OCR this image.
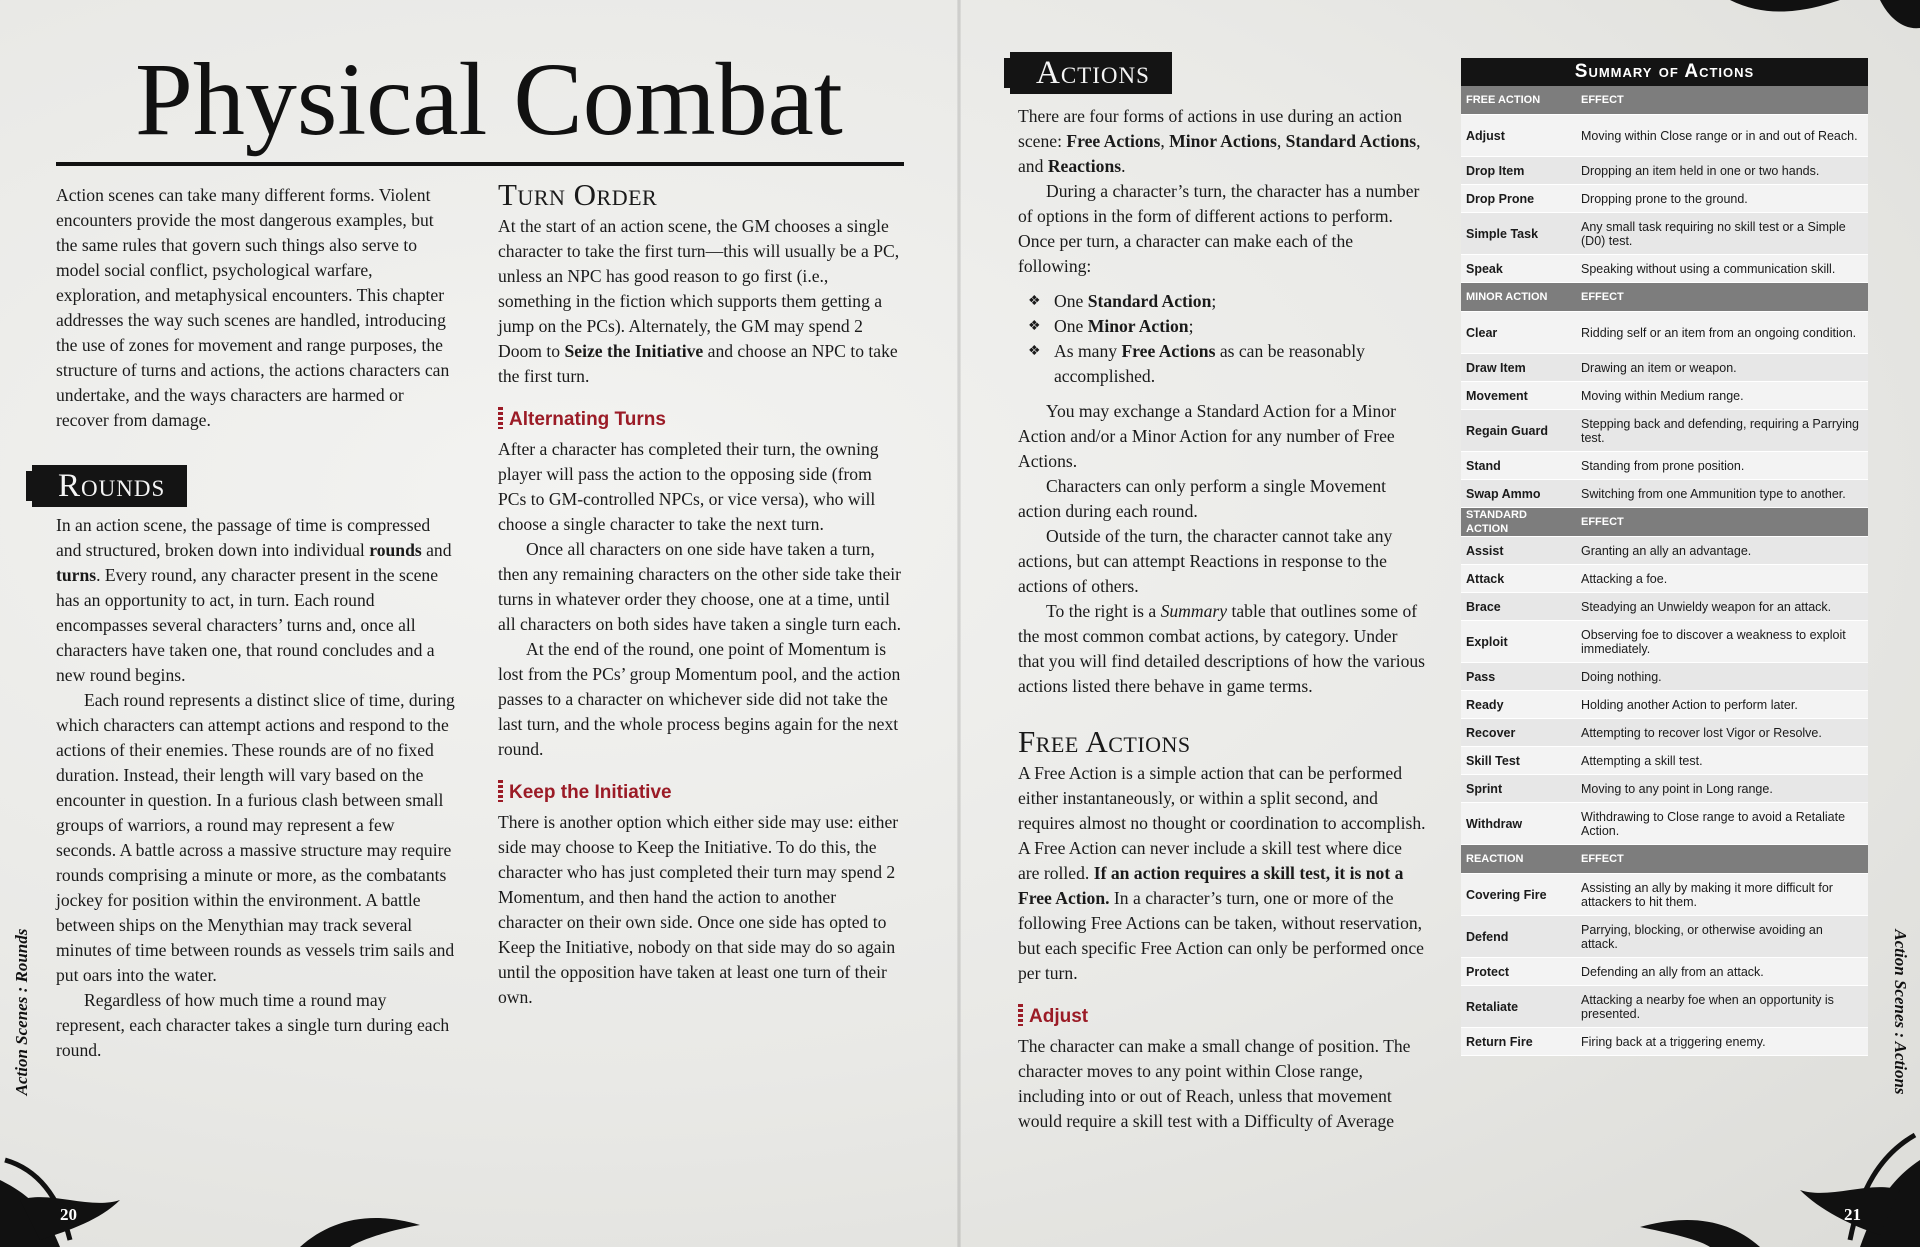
Physical Combat

Action scenes can take many different forms. Violent encounters provide the most dangerous examples, but the same rules that govern such things also serve to model social conflict, psychological warfare, exploration, and metaphysical encounters. This chapter addresses the way such scenes are handled, introducing the use of zones for movement and range purposes, the structure of turns and actions, the actions characters can undertake, and the ways characters are harmed or recover from damage.

Rounds

In an action scene, the passage of time is compressed and structured, broken down into individual rounds and turns. Every round, any character present in the scene has an opportunity to act, in turn. Each round encompasses several characters’ turns and, once all characters have taken one, that round concludes and a new round begins.

Each round represents a distinct slice of time, during which characters can attempt actions and respond to the actions of their enemies. These rounds are of no fixed duration. Instead, their length will vary based on the encounter in question. In a furious clash between small groups of warriors, a round may represent a few seconds. A battle across a massive structure may require rounds comprising a minute or more, as the combatants jockey for position within the environment. A battle between ships on the Menythian may track several minutes of time between rounds as vessels trim sails and put oars into the water.

Regardless of how much time a round may represent, each character takes a single turn during each round.

Turn Order

At the start of an action scene, the GM chooses a single character to take the first turn—this will usually be a PC, unless an NPC has good reason to go first (i.e., something in the fiction which supports them getting a jump on the PCs). Alternately, the GM may spend 2 Doom to Seize the Initiative and choose an NPC to take the first turn.

Alternating Turns

After a character has completed their turn, the owning player will pass the action to the opposing side (from PCs to GM-controlled NPCs, or vice versa), who will choose a single character to take the next turn.

Once all characters on one side have taken a turn, then any remaining characters on the other side take their turns in whatever order they choose, one at a time, until all characters on both sides have taken a single turn each.

At the end of the round, one point of Momentum is lost from the PCs’ group Momentum pool, and the action passes to a character on whichever side did not take the last turn, and the whole process begins again for the next round.

Keep the Initiative

There is another option which either side may use: either side may choose to Keep the Initiative. To do this, the character who has just completed their turn may spend 2 Momentum, and then hand the action to another character on their own side. Once one side has opted to Keep the Initiative, nobody on that side may do so again until the opposition have taken at least one turn of their own.

Action Scenes : Rounds
20
Actions

There are four forms of actions in use during an action scene: Free Actions, Minor Actions, Standard Actions, and Reactions.

During a character’s turn, the character has a number of options in the form of different actions to perform. Once per turn, a character can make each of the following:

❖ One Standard Action;
❖ One Minor Action;
❖ As many Free Actions as can be reasonably accomplished.

You may exchange a Standard Action for a Minor Action and/or a Minor Action for any number of Free Actions.

Characters can only perform a single Movement action during each round.

Outside of the turn, the character cannot take any actions, but can attempt Reactions in response to the actions of others.

To the right is a Summary table that outlines some of the most common combat actions, by category. Under that you will find detailed descriptions of how the various actions listed there behave in game terms.

Free Actions

A Free Action is a simple action that can be performed either instantaneously, or within a split second, and requires almost no thought or coordination to accomplish. A Free Action can never include a skill test where dice are rolled. If an action requires a skill test, it is not a Free Action. In a character’s turn, one or more of the following Free Actions can be taken, without reservation, but each specific Free Action can only be performed once per turn.

Adjust

The character can make a small change of position. The character moves to any point within Close range, including into or out of Reach, unless that movement would require a skill test with a Difficulty of Average

Summary of Actions	
FREE ACTION	EFFECT
Adjust	Moving within Close range or in and out of Reach.
Drop Item	Dropping an item held in one or two hands.
Drop Prone	Dropping prone to the ground.
Simple Task	Any small task requiring no skill test or a Simple (D0) test.
Speak	Speaking without using a communication skill.
MINOR ACTION	EFFECT
Clear	Ridding self or an item from an ongoing condition.
Draw Item	Drawing an item or weapon.
Movement	Moving within Medium range.
Regain Guard	Stepping back and defending, requiring a Parrying test.
Stand	Standing from prone position.
Swap Ammo	Switching from one Ammunition type to another.
STANDARD ACTION	EFFECT
Assist	Granting an ally an advantage.
Attack	Attacking a foe.
Brace	Steadying an Unwieldy weapon for an attack.
Exploit	Observing foe to discover a weakness to exploit immediately.
Pass	Doing nothing.
Ready	Holding another Action to perform later.
Recover	Attempting to recover lost Vigor or Resolve.
Skill Test	Attempting a skill test.
Sprint	Moving to any point in Long range.
Withdraw	Withdrawing to Close range to avoid a Retaliate Action.
REACTION	EFFECT
Covering Fire	Assisting an ally by making it more difficult for attackers to hit them.
Defend	Parrying, blocking, or otherwise avoiding an attack.
Protect	Defending an ally from an attack.
Retaliate	Attacking a nearby foe when an opportunity is presented.
Return Fire	Firing back at a triggering enemy.	Action Scenes : Actions
21
